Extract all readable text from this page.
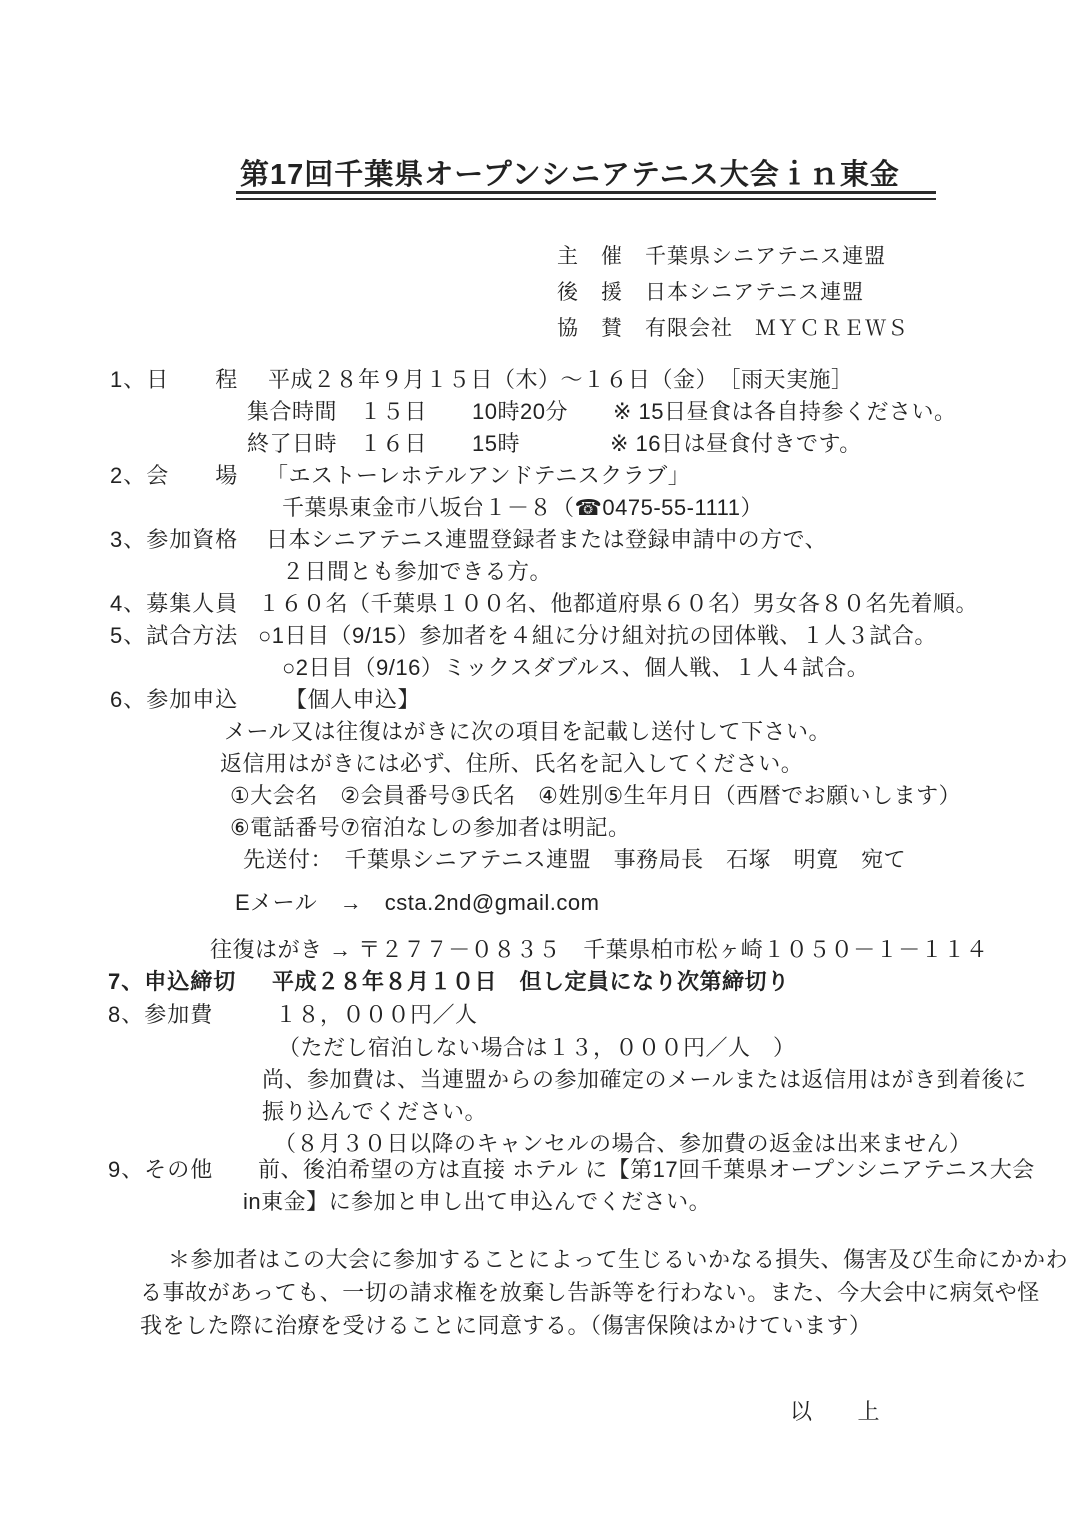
第17回千葉県オープンシニアテニス大会ｉｎ東金
主　催 千葉県シニアテニス連盟
後　援 日本シニアテニス連盟
協　賛 有限会社　ＭＹＣＲＥＷＳ
1、日　　程 平成２８年９月１５日（木）～１６日（金）　［雨天実施］
集合時間　１５日　　10時20分　　※ 15日昼食は各自持参ください。
終了日時　１６日　　15時　　　　※ 16日は昼食付きです。
2、会　　場 「エストーレホテルアンドテニスクラブ」
千葉県東金市八坂台１－８（☎0475-55-1111）
3、参加資格 日本シニアテニス連盟登録者または登録申請中の方で、
２日間とも参加できる方。
4、募集人員 １６０名（千葉県１００名、他都道府県６０名）男女各８０名先着順。
5、試合方法 ○1日目（9/15）参加者を４組に分け組対抗の団体戦、１人３試合。
○2日目（9/16）ミックスダブルス、個人戦、１人４試合。
6、参加申込 【個人申込】
メール又は往復はがきに次の項目を記載し送付して下さい。
返信用はがきには必ず、住所、氏名を記入してください。
①大会名　②会員番号③氏名　④姓別⑤生年月日（西暦でお願いします）
⑥電話番号⑦宿泊なしの参加者は明記。
先送付：　千葉県シニアテニス連盟　事務局長　石塚　明寛　宛て
Eメール　→　csta.2nd@gmail.com
往復はがき → 〒２７７－０８３５　千葉県柏市松ヶ崎１０５０－１－１１４
7、申込締切 平成２８年８月１０日　但し定員になり次第締切り
8、参加費	１８，０００円／人
（ただし宿泊しない場合は１３，０００円／人　）
尚、参加費は、当連盟からの参加確定のメールまたは返信用はがき到着後に
振り込んでください。
（８月３０日以降のキャンセルの場合、参加費の返金は出来ません）
9、その他 前、後泊希望の方は直接 ホテル に【第17回千葉県オープンシニアテニス大会
in東金】に参加と申し出て申込んでください。
＊参加者はこの大会に参加することによって生じるいかなる損失、傷害及び生命にかかわ
る事故があっても、一切の請求権を放棄し告訴等を行わない。また、今大会中に病気や怪
我をした際に治療を受けることに同意する。（傷害保険はかけています）
以　　上
